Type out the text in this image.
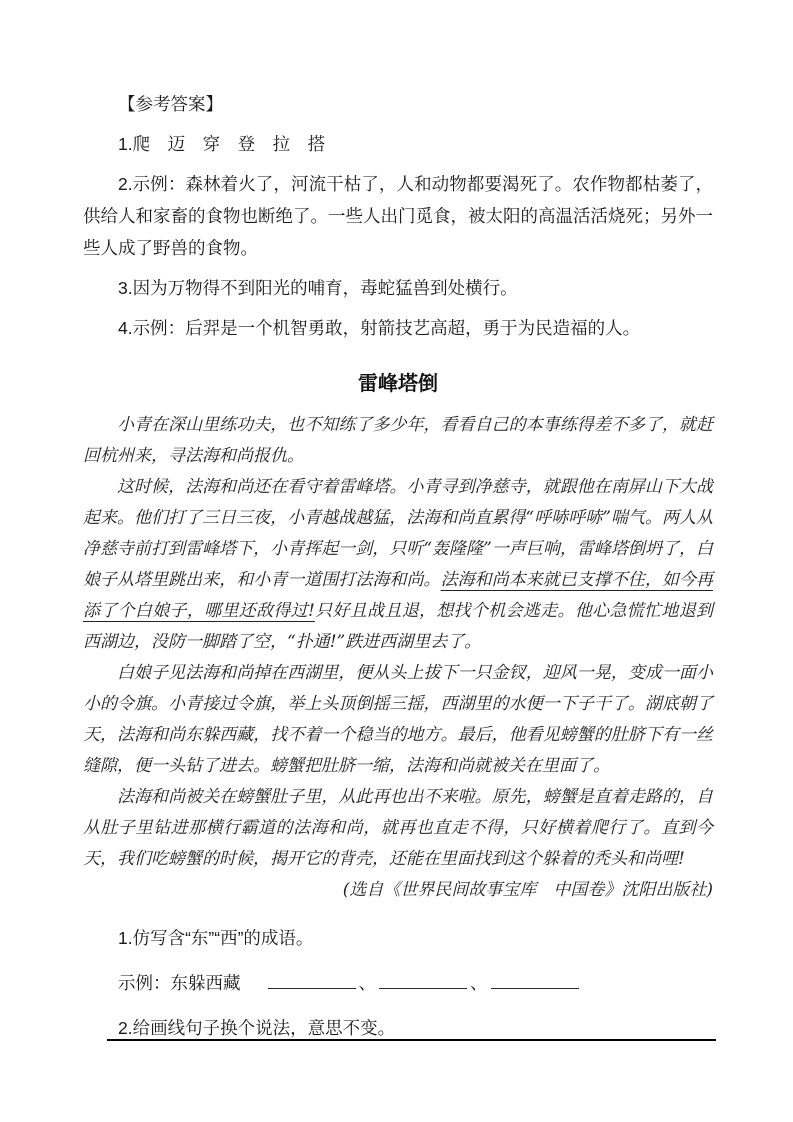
【参考答案】

1.爬　迈　穿　登　拉　搭

2.示例：森林着火了，河流干枯了，人和动物都要渴死了。农作物都枯萎了，供给人和家畜的食物也断绝了。一些人出门觅食，被太阳的高温活活烧死；另外一些人成了野兽的食物。

3.因为万物得不到阳光的哺育，毒蛇猛兽到处横行。

4.示例：后羿是一个机智勇敢，射箭技艺高超，勇于为民造福的人。

雷峰塔倒

小青在深山里练功夫，也不知练了多少年，看看自己的本事练得差不多了，就赶回杭州来，寻法海和尚报仇。

这时候，法海和尚还在看守着雷峰塔。小青寻到净慈寺，就跟他在南屏山下大战起来。他们打了三日三夜，小青越战越猛，法海和尚直累得“呼哧呼哧”喘气。两人从净慈寺前打到雷峰塔下，小青挥起一剑，只听“轰隆隆”一声巨响，雷峰塔倒坍了，白娘子从塔里跳出来，和小青一道围打法海和尚。法海和尚本来就已支撑不住，如今再添了个白娘子，哪里还敌得过!只好且战且退，想找个机会逃走。他心急慌忙地退到西湖边，没防一脚踏了空，“扑通!”跌进西湖里去了。

白娘子见法海和尚掉在西湖里，便从头上拔下一只金钗，迎风一晃，变成一面小小的令旗。小青接过令旗，举上头顶倒摇三摇，西湖里的水便一下子干了。湖底朝了天，法海和尚东躲西藏，找不着一个稳当的地方。最后，他看见螃蟹的肚脐下有一丝缝隙，便一头钻了进去。螃蟹把肚脐一缩，法海和尚就被关在里面了。

法海和尚被关在螃蟹肚子里，从此再也出不来啦。原先，螃蟹是直着走路的，自从肚子里钻进那横行霸道的法海和尚，就再也直走不得，只好横着爬行了。直到今天，我们吃螃蟹的时候，揭开它的背壳，还能在里面找到这个躲着的秃头和尚哩!

(选自《世界民间故事宝库　中国卷》沈阳出版社)

1.仿写含“东”“西”的成语。

示例：东躲西藏	、	、

2.给画线句子换个说法，意思不变。
